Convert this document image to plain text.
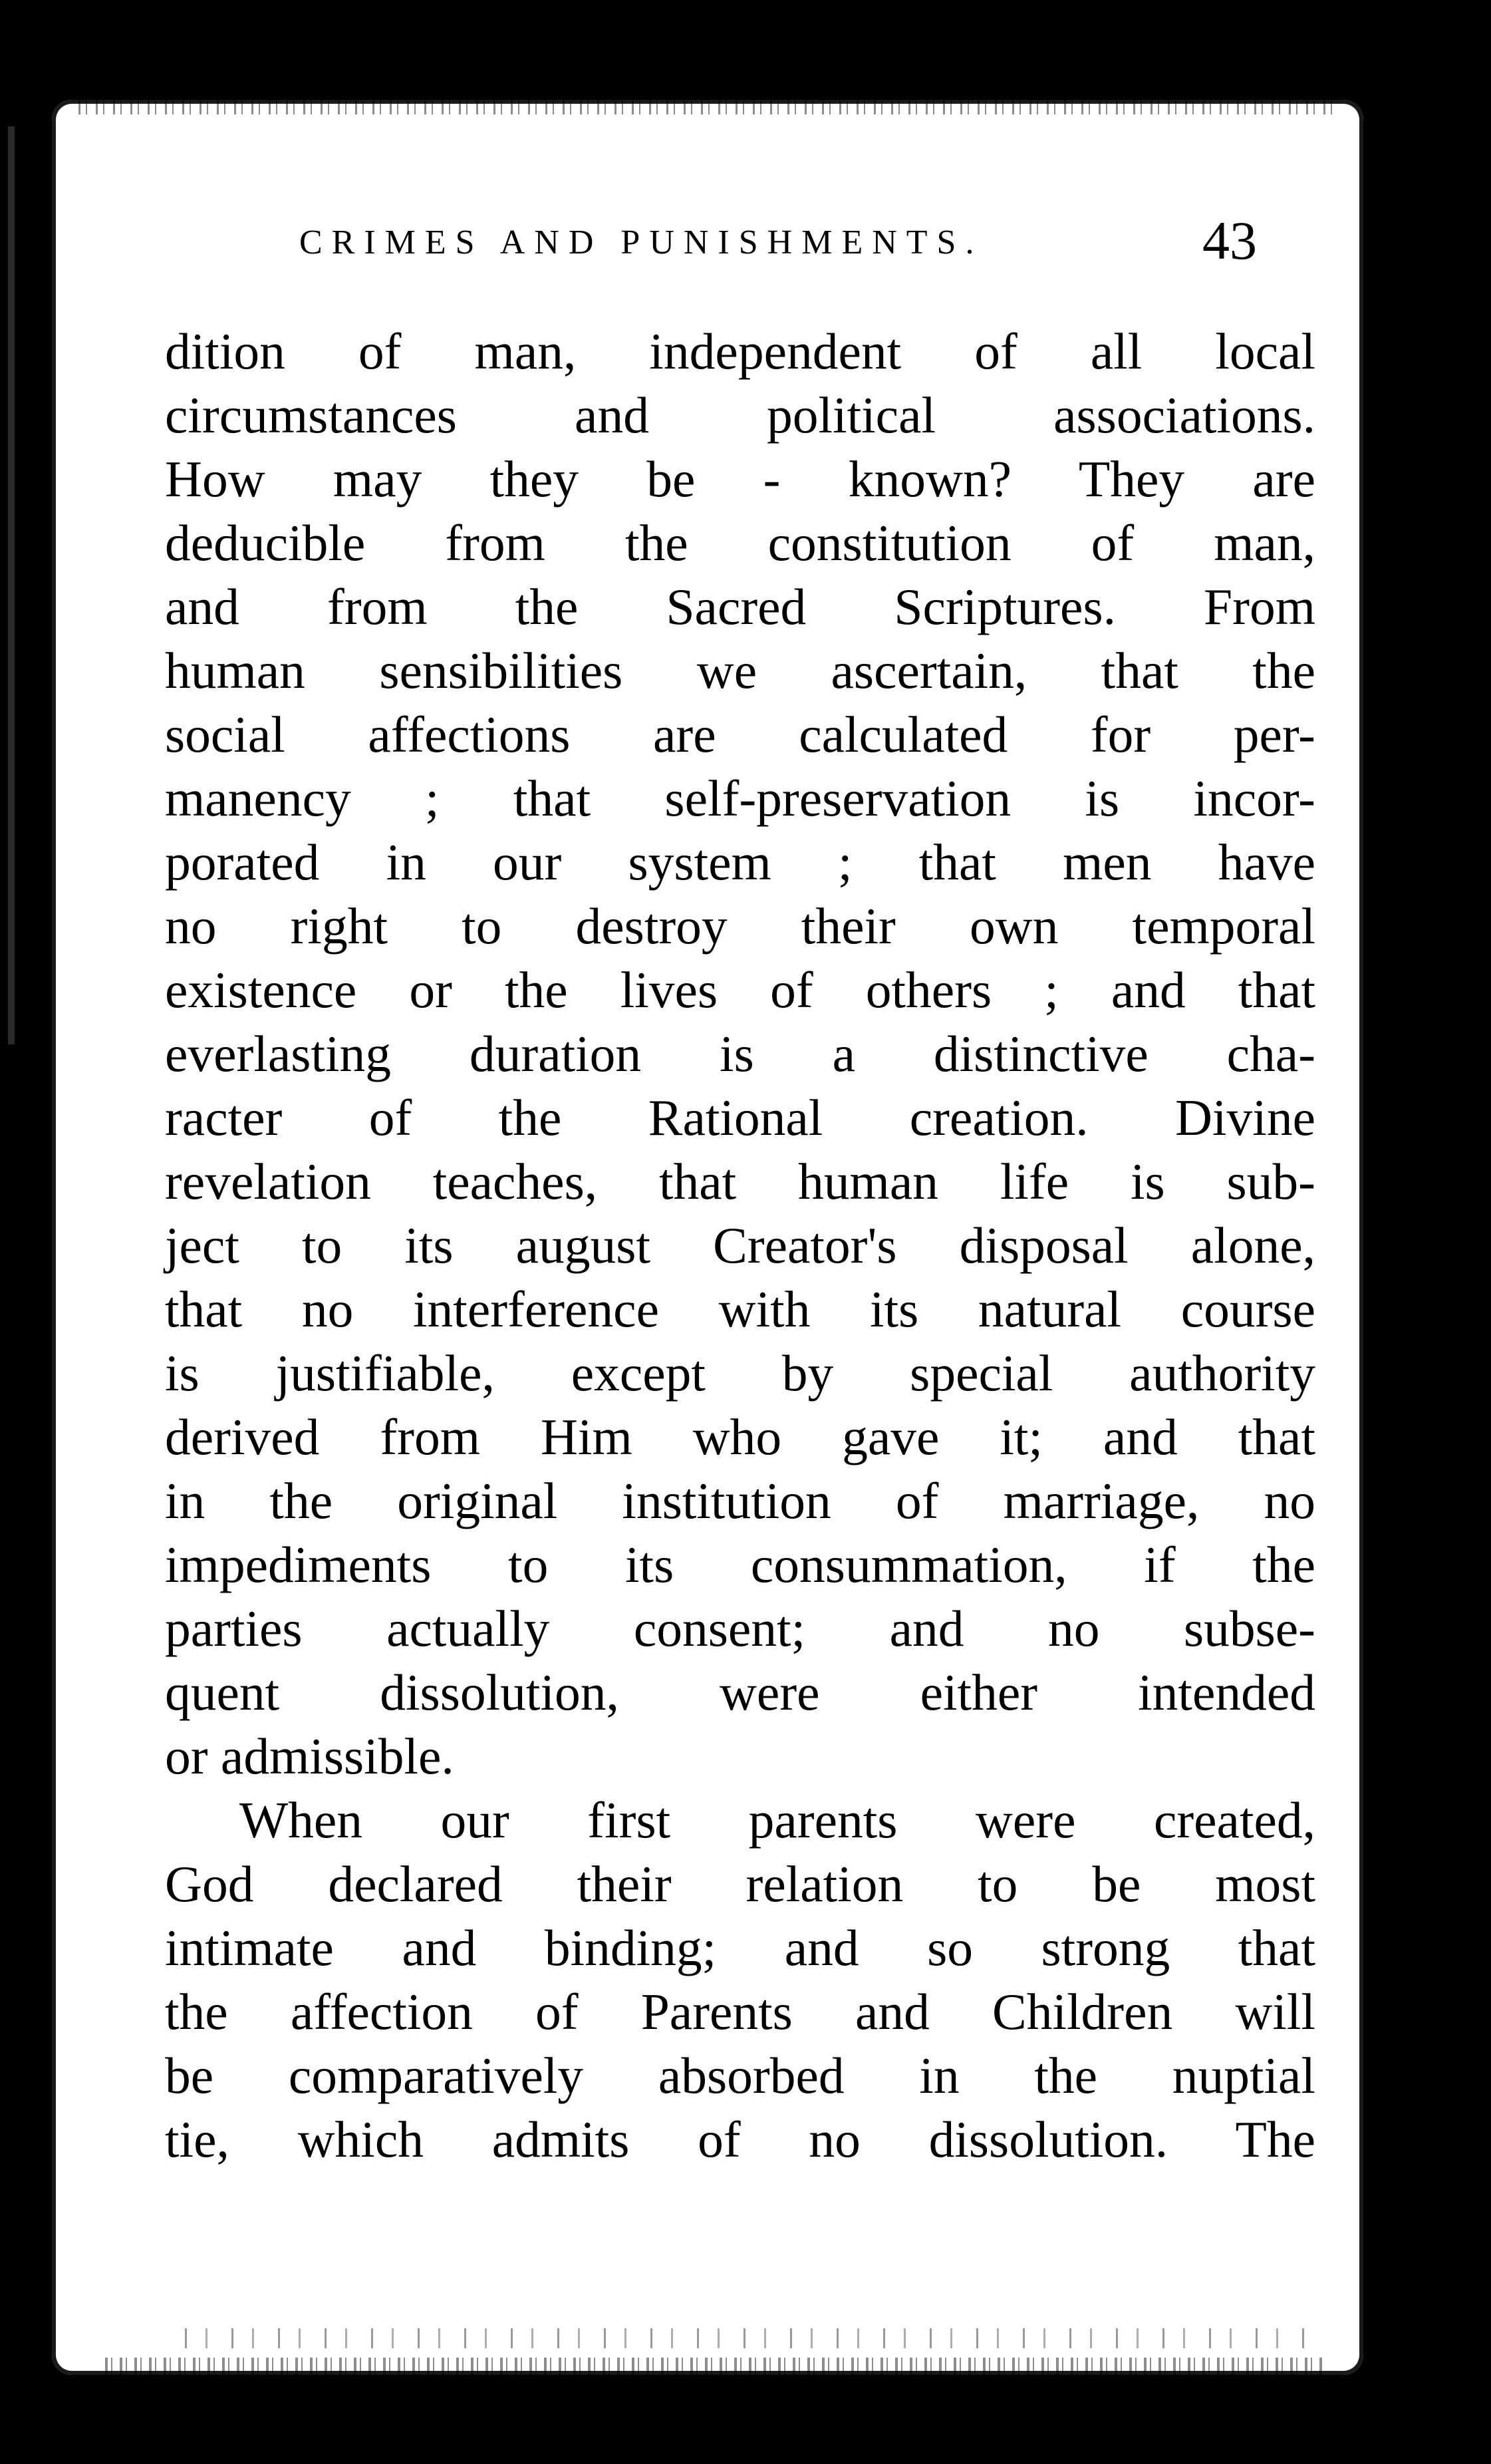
CRIMES AND PUNISHMENTS.	43
dition of man, independent of all local
circumstances and political associations.
How may they be - known? They are
deducible from the constitution of man,
and from the Sacred Scriptures. From
human sensibilities we ascertain, that the
social affections are calculated for per-
manency ; that self-preservation is incor-
porated in our system ; that men have
no right to destroy their own temporal
existence or the lives of others ; and that
everlasting duration is a distinctive cha-
racter of the Rational creation. Divine
revelation teaches, that human life is sub-
ject to its august Creator's disposal alone,
that no interference with its natural course
is justifiable, except by special authority
derived from Him who gave it; and that
in the original institution of marriage, no
impediments to its consummation, if the
parties actually consent; and no subse-
quent dissolution, were either intended
or admissible.
When our first parents were created,
God declared their relation to be most
intimate and binding; and so strong that
the affection of Parents and Children will
be comparatively absorbed in the nuptial
tie, which admits of no dissolution. The
